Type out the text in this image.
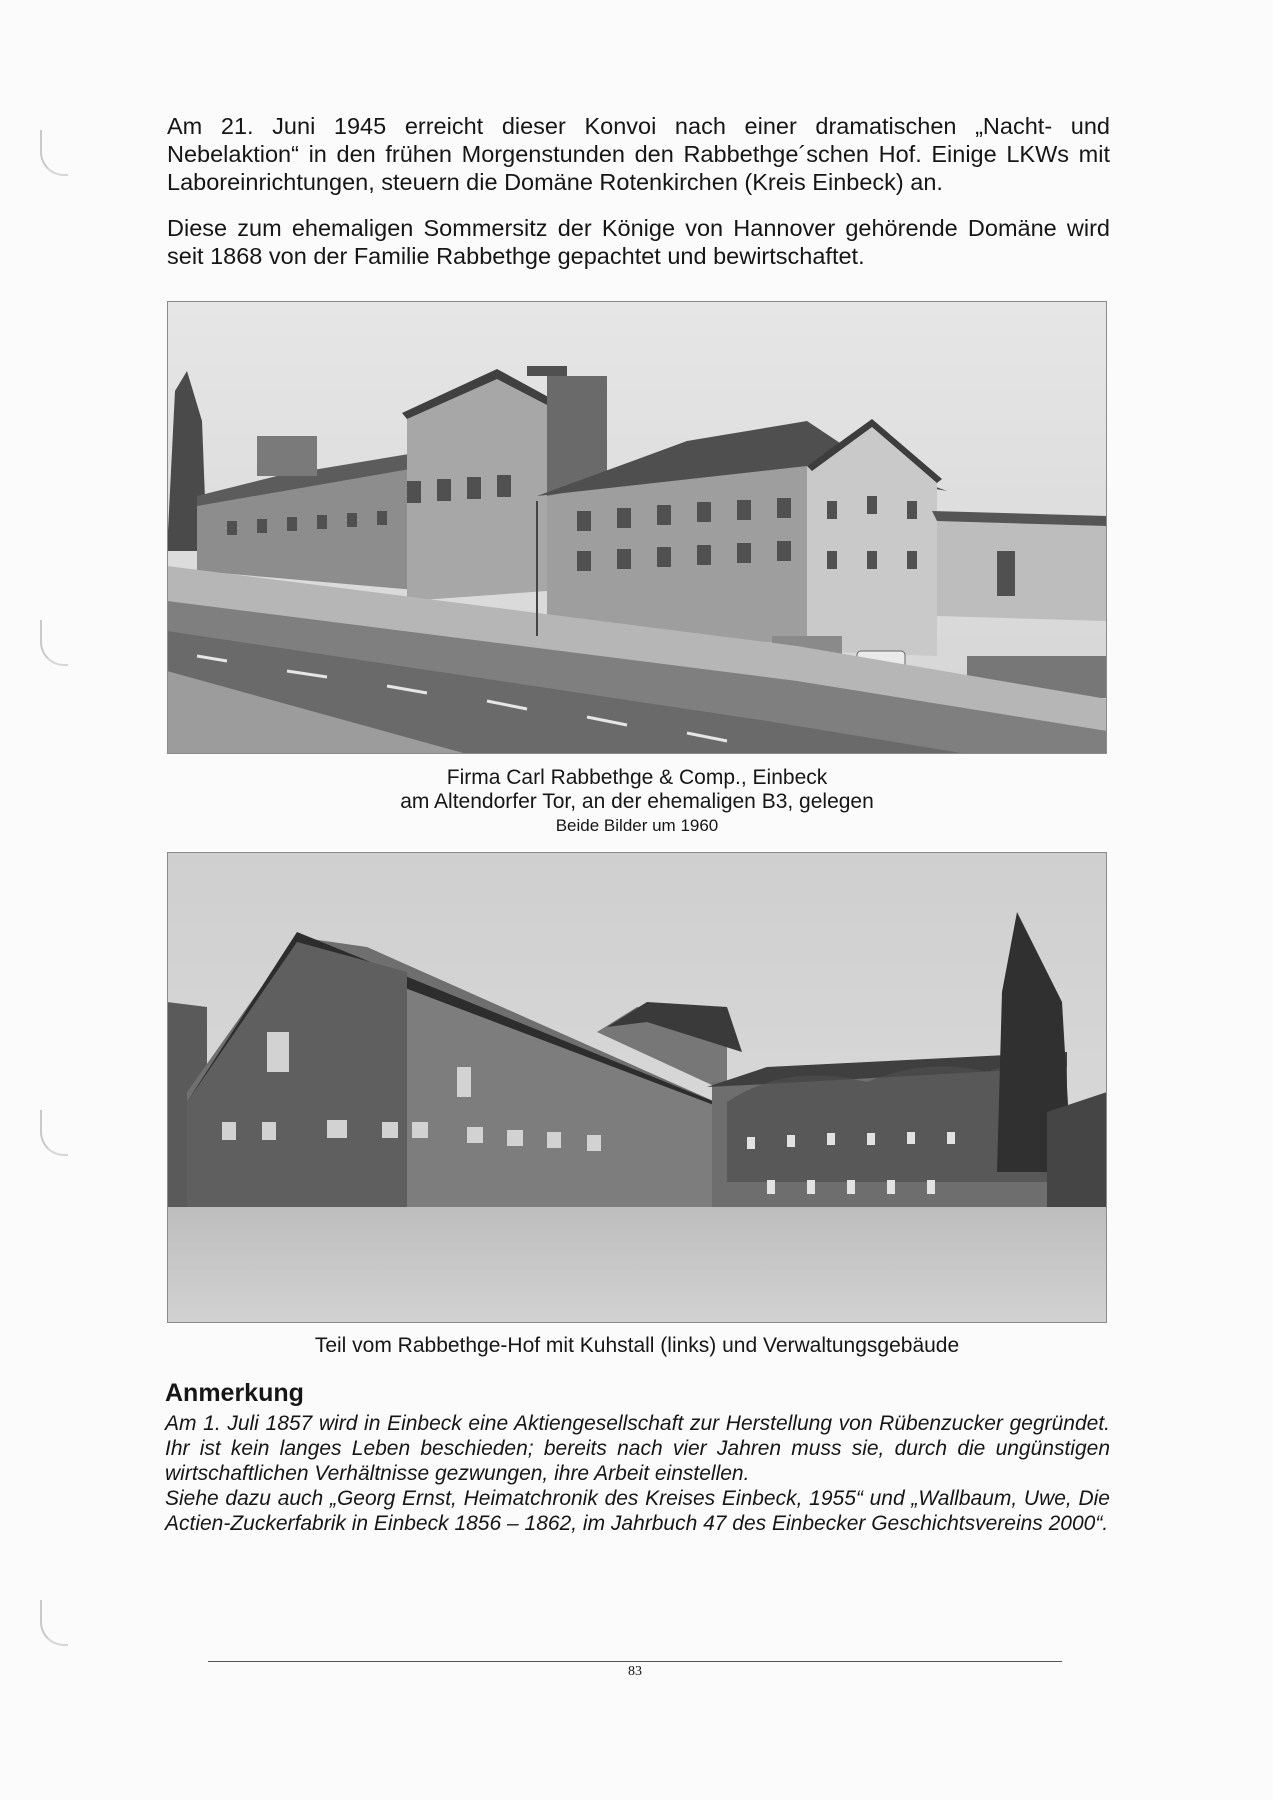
Am 21. Juni 1945 erreicht dieser Konvoi nach einer dramatischen „Nacht- und Nebelaktion“ in den frühen Morgenstunden den Rabbethge´schen Hof. Einige LKWs mit Laboreinrichtungen, steuern die Domäne Rotenkirchen (Kreis Einbeck) an.

Diese zum ehemaligen Sommersitz der Könige von Hannover gehörende Domäne wird seit 1868 von der Familie Rabbethge gepachtet und bewirtschaftet.

Firma Carl Rabbethge & Comp., Einbeck
am Altendorfer Tor, an der ehemaligen B3, gelegen
Beide Bilder um 1960
Teil vom Rabbethge-Hof mit Kuhstall (links) und Verwaltungsgebäude
Anmerkung

Am 1. Juli 1857 wird in Einbeck eine Aktiengesellschaft zur Herstellung von Rübenzucker gegründet. Ihr ist kein langes Leben beschieden; bereits nach vier Jahren muss sie, durch die ungünstigen wirtschaftlichen Verhältnisse gezwungen, ihre Arbeit einstellen.

Siehe dazu auch „Georg Ernst, Heimatchronik des Kreises Einbeck, 1955“ und „Wallbaum, Uwe, Die Actien-Zuckerfabrik in Einbeck 1856 – 1862, im Jahrbuch 47 des Einbecker Geschichtsvereins 2000“.

83
